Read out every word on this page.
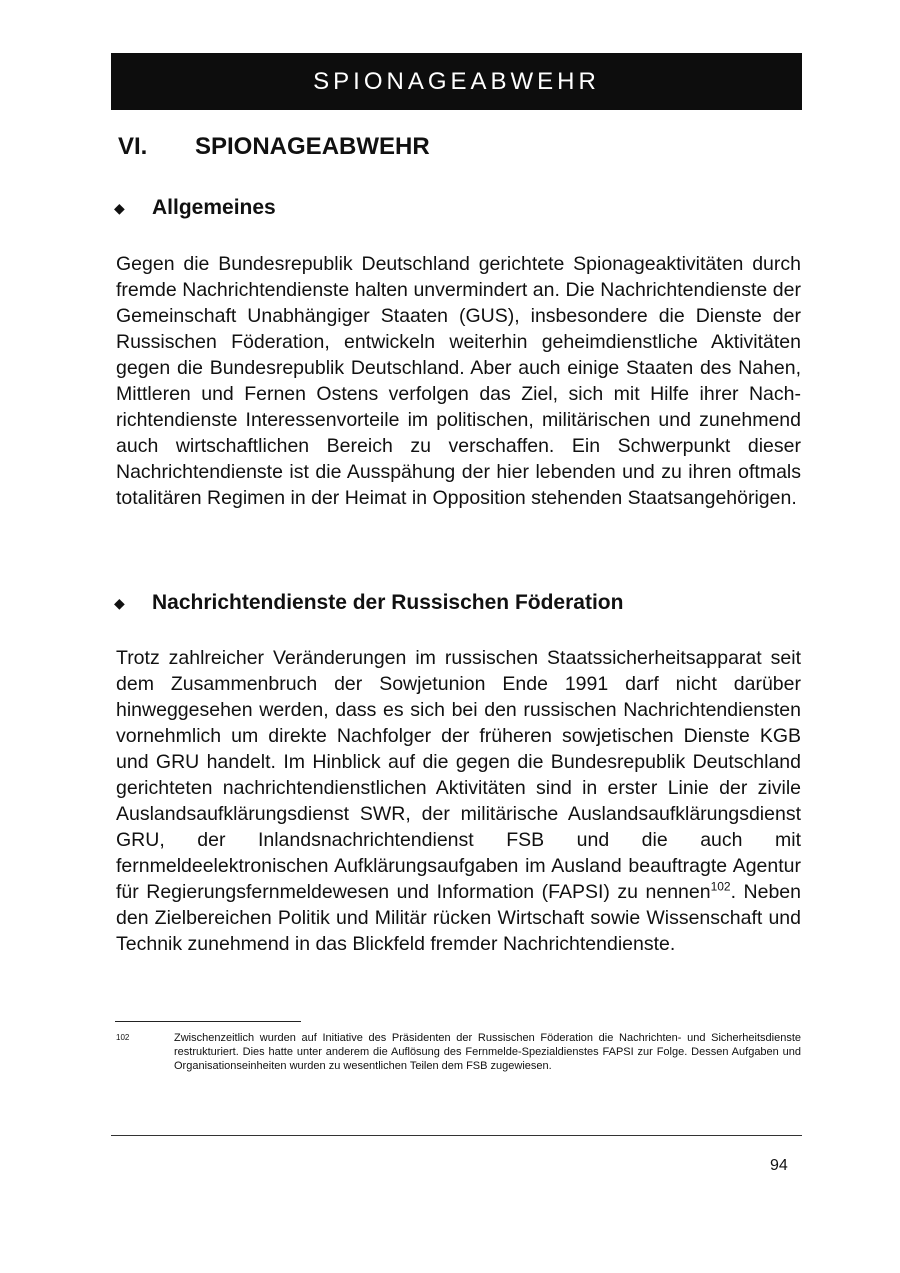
SPIONAGEABWEHR
VI.	SPIONAGEABWEHR
◆	Allgemeines

Gegen die Bundesrepublik Deutschland gerichtete Spionageaktivitäten durch fremde Nachrichtendienste halten unvermindert an. Die Nachrichtendienste der Gemeinschaft Unabhängiger Staaten (GUS), insbesondere die Dienste der Russischen Föderation, entwickeln weiterhin geheimdienstliche Aktivitäten gegen die Bundesrepublik Deutschland. Aber auch einige Staaten des Nahen, Mittleren und Fernen Ostens verfolgen das Ziel, sich mit Hilfe ihrer Nachrichtendienste Interessenvorteile im politischen, militärischen und zunehmend auch wirtschaftlichen Bereich zu verschaffen. Ein Schwerpunkt dieser Nachrichtendienste ist die Ausspähung der hier lebenden und zu ihren oftmals totalitären Regimen in der Heimat in Opposition stehenden Staatsangehörigen.

◆	Nachrichtendienste der Russischen Föderation

Trotz zahlreicher Veränderungen im russischen Staatssicherheitsapparat seit dem Zusammenbruch der Sowjetunion Ende 1991 darf nicht darüber hinweggesehen werden, dass es sich bei den russischen Nachrichtendiensten vornehmlich um direkte Nachfolger der früheren sowjetischen Dienste KGB und GRU handelt. Im Hinblick auf die gegen die Bundesrepublik Deutschland gerichteten nachrichtendienstlichen Aktivitäten sind in erster Linie der zivile Auslandsaufklärungsdienst SWR, der militärische Auslandsaufklärungsdienst GRU, der Inlandsnachrichtendienst FSB und die auch mit fernmeldeelektronischen Aufklärungsaufgaben im Ausland beauftragte Agentur für Regierungsfernmeldewesen und Information (FAPSI) zu nennen$^{102}$. Neben den Zielbereichen Politik und Militär rücken Wirtschaft sowie Wissenschaft und Technik zunehmend in das Blickfeld fremder Nachrichtendienste.

102	Zwischenzeitlich wurden auf Initiative des Präsidenten der Russischen Föderation die Nachrichten- und Sicherheitsdienste restrukturiert. Dies hatte unter anderem die Auflösung des Fernmelde-Spezialdienstes FAPSI zur Folge. Dessen Aufgaben und Organisationseinheiten wurden zu wesentlichen Teilen dem FSB zugewiesen.
94
